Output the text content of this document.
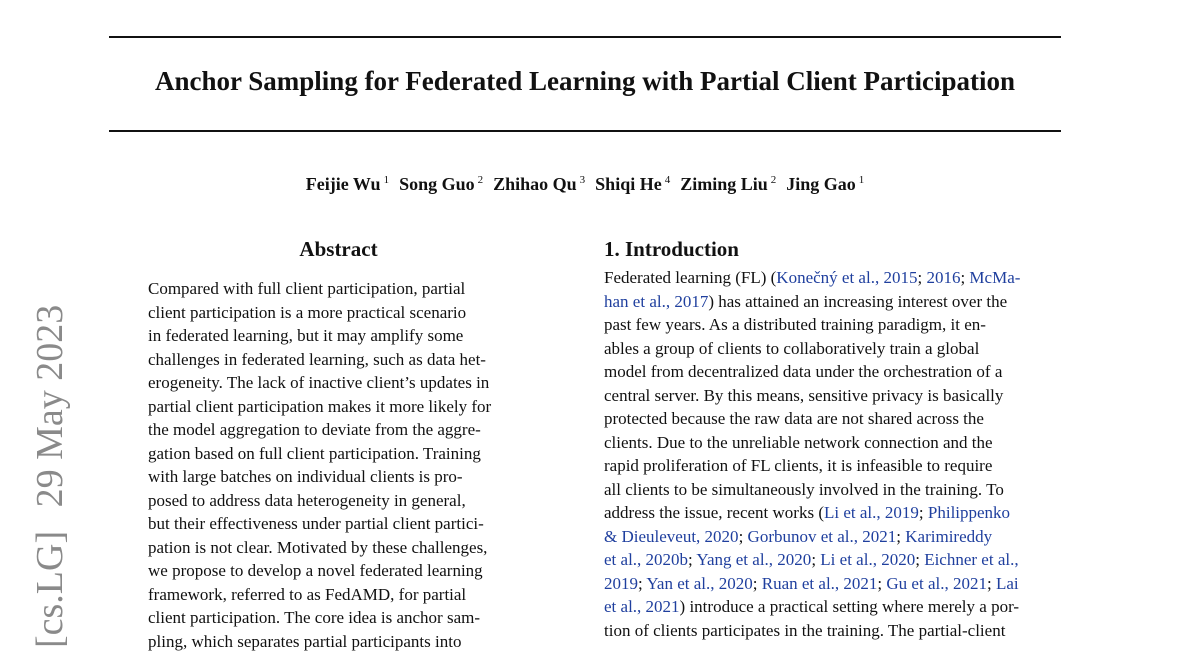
Anchor Sampling for Federated Learning with Partial Client Participation
Feijie Wu $^1$ Song Guo $^2$ Zhihao Qu $^3$ Shiqi He $^4$ Ziming Liu $^2$ Jing Gao $^1$
[cs.LG] 29 May 2023
Abstract
Compared with full client participation, partial
client participation is a more practical scenario
in federated learning, but it may amplify some
challenges in federated learning, such as data het-
erogeneity. The lack of inactive client’s updates in
partial client participation makes it more likely for
the model aggregation to deviate from the aggre-
gation based on full client participation. Training
with large batches on individual clients is pro-
posed to address data heterogeneity in general,
but their effectiveness under partial client partici-
pation is not clear. Motivated by these challenges,
we propose to develop a novel federated learning
framework, referred to as FedAMD, for partial
client participation. The core idea is anchor sam-
pling, which separates partial participants into
1. Introduction
Federated learning (FL) (Konečný et al., 2015; 2016; McMa-
han et al., 2017) has attained an increasing interest over the
past few years. As a distributed training paradigm, it en-
ables a group of clients to collaboratively train a global
model from decentralized data under the orchestration of a
central server. By this means, sensitive privacy is basically
protected because the raw data are not shared across the
clients. Due to the unreliable network connection and the
rapid proliferation of FL clients, it is infeasible to require
all clients to be simultaneously involved in the training. To
address the issue, recent works (Li et al., 2019; Philippenko
& Dieuleveut, 2020; Gorbunov et al., 2021; Karimireddy
et al., 2020b; Yang et al., 2020; Li et al., 2020; Eichner et al.,
2019; Yan et al., 2020; Ruan et al., 2021; Gu et al., 2021; Lai
et al., 2021) introduce a practical setting where merely a por-
tion of clients participates in the training. The partial-client
